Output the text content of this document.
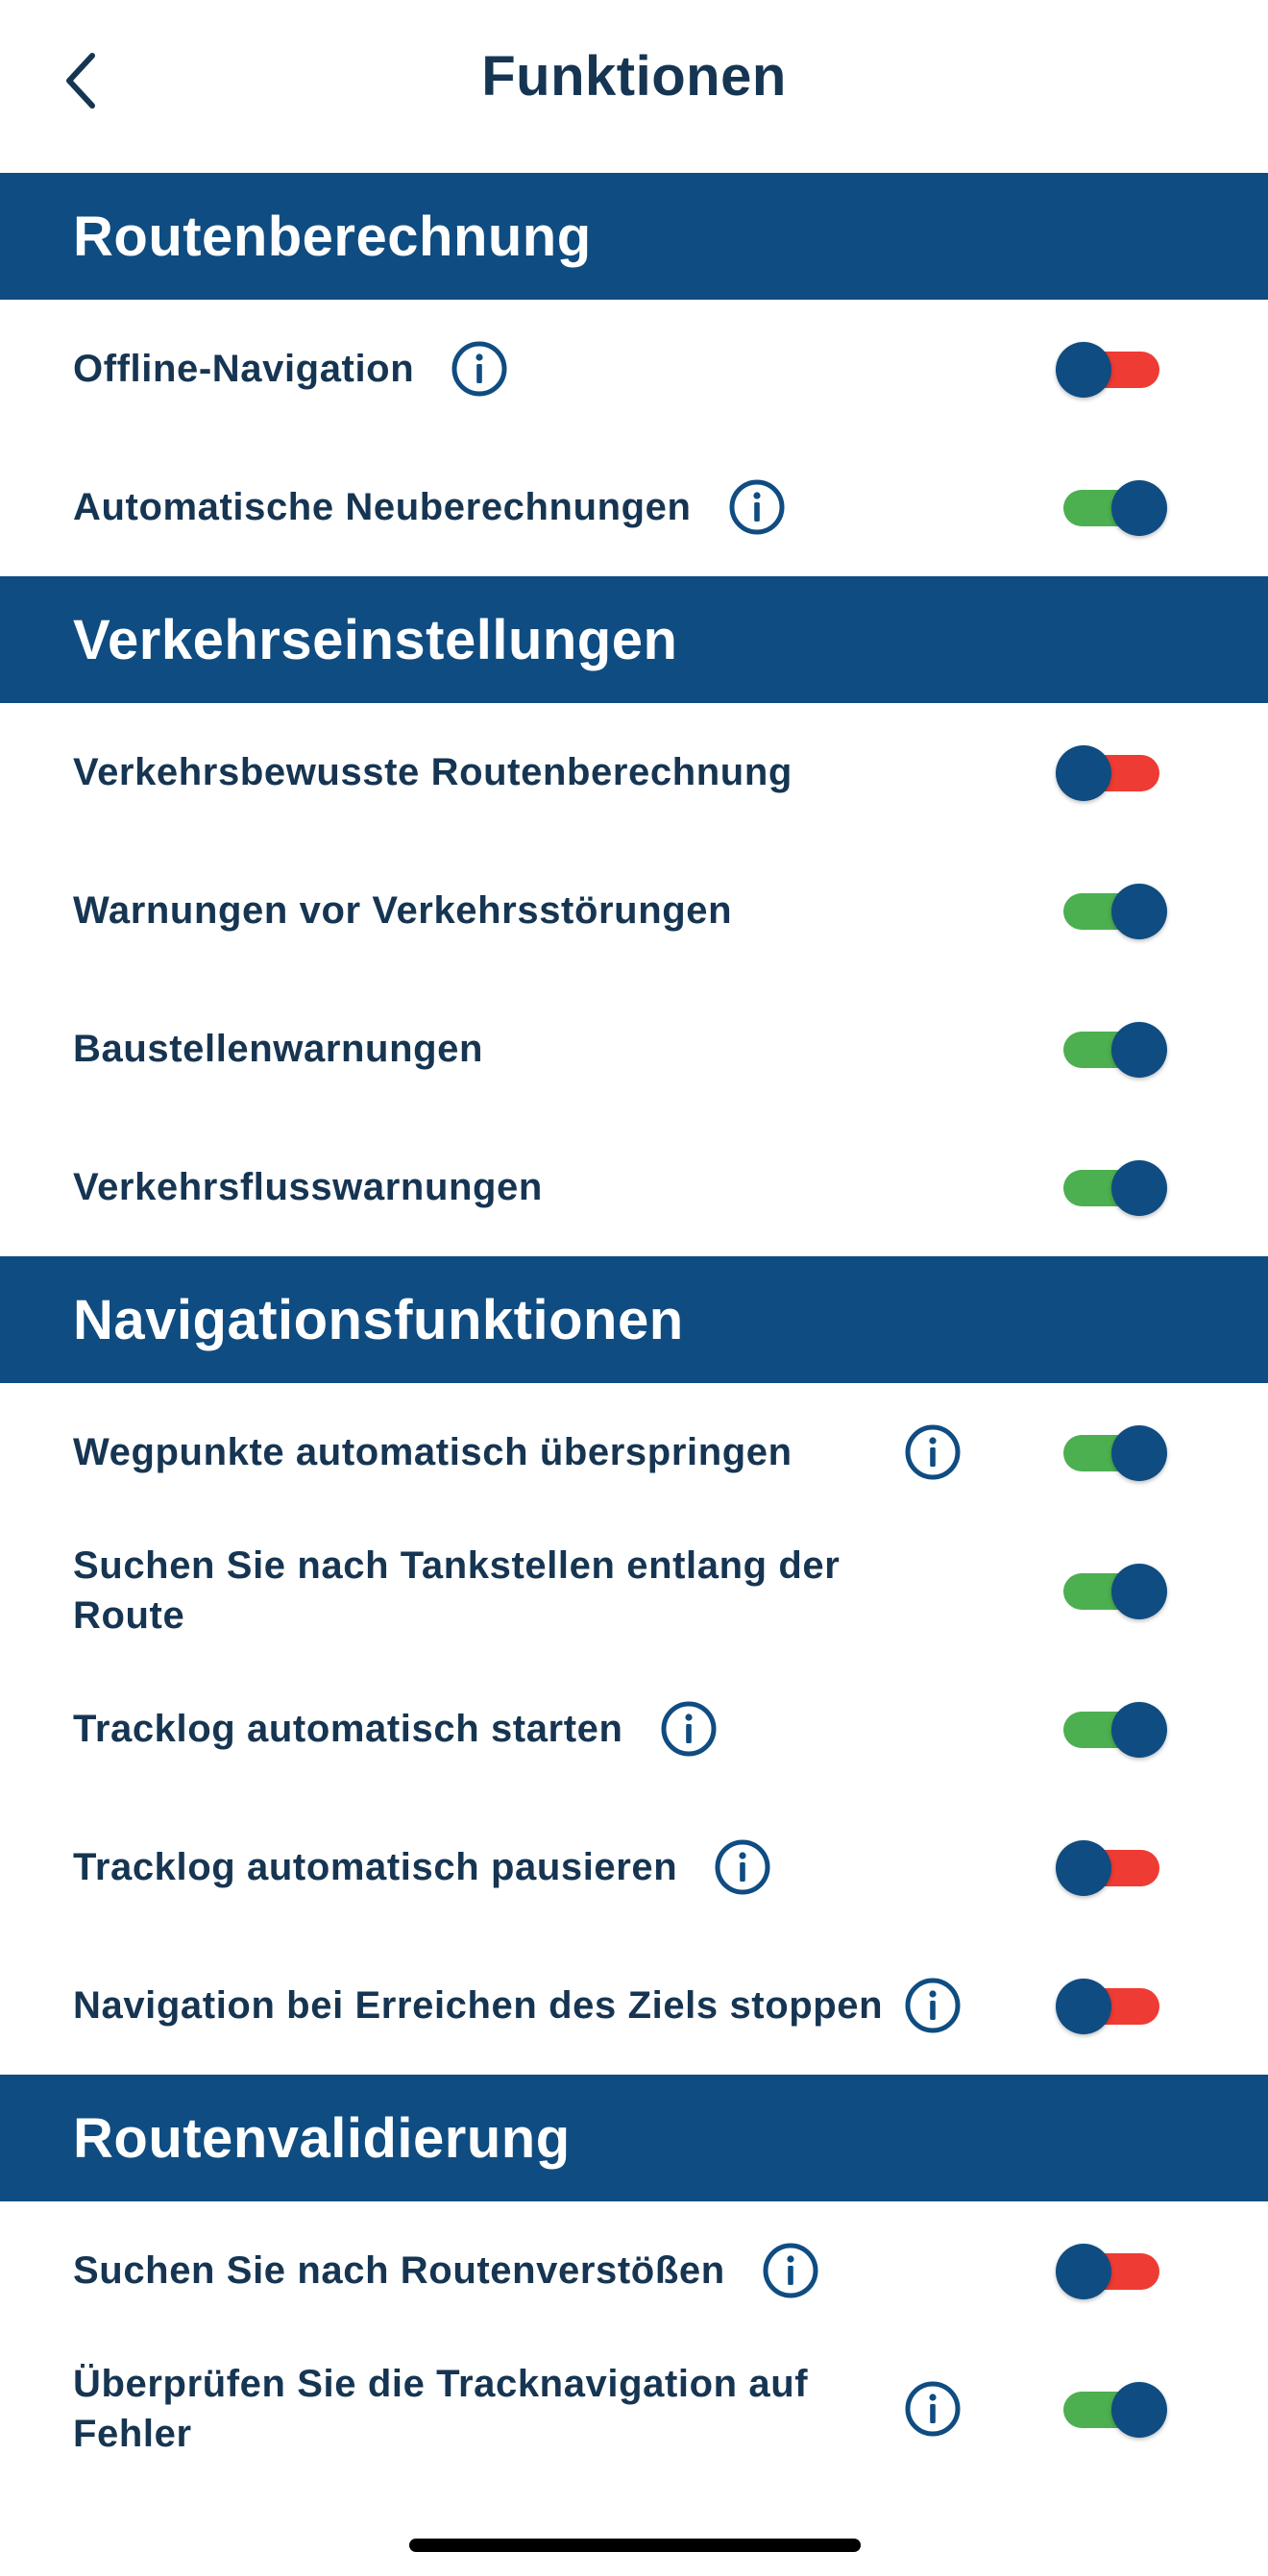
Funktionen
Routenberechnung
Offline-Navigation
Automatische Neuberechnungen
Verkehrseinstellungen
Verkehrsbewusste Routenberechnung
Warnungen vor Verkehrsstörungen
Baustellenwarnungen
Verkehrsflusswarnungen
Navigationsfunktionen
Wegpunkte automatisch überspringen
Suchen Sie nach Tankstellen entlang der Route
Tracklog automatisch starten
Tracklog automatisch pausieren
Navigation bei Erreichen des Ziels stoppen
Routenvalidierung
Suchen Sie nach Routenverstößen
Überprüfen Sie die Tracknavigation auf Fehler
